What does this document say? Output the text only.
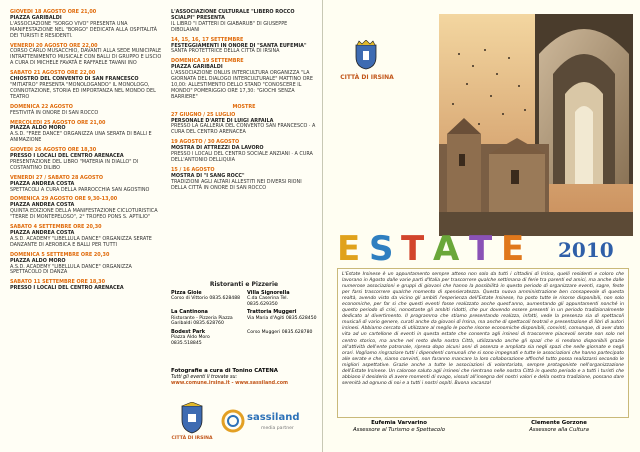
GIOVEDI 18 AGOSTO ORE 21,00
PIAZZA GARIBALDI
L'ASSOCIAZIONE "SORGO VIVO" PRESENTA UNA MANIFESTAZIONE NEL "BORGO" DEDICATA ALLA OSPITALITÀ DEI TURISTI E RESIDENTI.
VENERDI 20 AGOSTO ORE 22,00
CORSO CARLO MUSACCHIO, DAVANTI ALLA SEDE MUNICIPALE INTRATTENIMENTO MUSICALE CON BALLI DI GRUPPO E LISCIO A CURA DI MICHELE FAVATÀ E RAFFAELE TAVANI INO
SABATO 21 AGOSTO ORE 22,00
CHIOSTRO DEL CONVENTO DI SAN FRANCESCO
"MITIATRO" PRESENTA "MONOLOGANDO" IL MONOLOGO, CONNOTAZIONE, STORIA ED IMPORTANZA NEL MONDO DEL TEATRO
DOMENICA 22 AGOSTO
FESTIVITÀ IN ONORE DI SAN ROCCO
MERCOLEDI 25 AGOSTO ORE 21,00
PIAZZA ALDO MORO
A.S.D. "FREE DANCE" ORGANIZZA UNA SERATA DI BALLI E ANIMAZIONE
GIOVEDI 26 AGOSTO ORE 18,30
PRESSO I LOCALI DEL CENTRO ARENACEA
PRESENTAZIONE DEL LIBRO "MATERIA IN DIALLO" DI COSTANTINO DILIBO
VENERDI 27 / SABATO 28 AGOSTO
PIAZZA ANDREA COSTA
SPETTACOLI A CURA DELLA PARROCCHIA SAN AGOSTINO
DOMENICA 29 AGOSTO ORE 9,30-13,00
PIAZZA ANDREA COSTA
QUINTA EDIZIONE DELLA MANIFESTAZIONE CICLOTURISTICA "TERRE DI MONTEPELOSO", 2° TROFEO PONS S. APTILIO"
SABATO 4 SETTEMBRE ORE 20,30
PIAZZA ANDREA COSTA
A.S.D. ACADEMY "LIBELLULA DANCE" ORGANIZZA SERATE DANZANTE DI AEROBICA E BALLI PER TUTTI
DOMENICA 5 SETTEMBRE ORE 20,30
PIAZZA ALDO MORO
A.S.D. ACADEMY "LIBELLULA DANCE" ORGANIZZA SPETTACOLO DI DANZA
SABATO 11 SETTEMBRE ORE 18,30
PRESSO I LOCALI DEL CENTRO ARENACEA
L'ASSOCIAZIONE CULTURALE "LIBERO ROCCO SCIALPI" PRESENTA
IL LIBRO "I DATTERI DI GIABARUB" DI GIUSEPPE DIBOLAIANI
14, 15, 16, 17 SETTEMBRE
FESTEGGIAMENTI IN ONORE DI "SANTA EUFEMIA"
SANTA PROTETTRICE DELLA CITTÀ DI IRSINA
DOMENICA 19 SETTEMBRE
PIAZZA GARIBALDI
L'ASSOCIAZIONE ONLUS INTERCULTURA ORGANIZZA "LA GIORNATA DEL DIALOGO INTERCULTURALE" MATTINO ORE 10,00: ALLESTIMENTO DELLO STAND "CONOSCERE IL MONDO" POMERIGGIO ORE 17,30: "GIOCHI SENZA BARRIERE"
MOSTRE
27 GIUGNO / 25 LUGLIO
PERSONALE D'ARTE DI LUIGI ARFAILA
PRESSO LA GALLERIA DEL CONVENTO SAN FRANCESCO · A CURA DEL CENTRO ARENACEA
19 AGOSTO / 30 AGOSTO
MOSTRA DI ATTREZZI DA LAVORO
PRESSO I LOCALI DEL CENTRO SOCIALE ANZIANI · A CURA DELL'ANTONIO DELLIQUIA
15 / 16 AGOSTO
MOSTRA DI "I SANG ROCC"
TRADIZIONI AGLI ALTARI ALLESTITI NEI DIVERSI RIONI DELLA CITTÀ IN ONORE DI SAN ROCCO
Ristoranti e Pizzerie
Pizza Gioie
Corso di Vittorio 0835.628488
Villa Signorella
C.da Caserina Tel. 0835.629350
La Cantinona
Ristorante - Pizzeria Piazza Garibaldi 0835.628760
Trattoria Muggeri
Via Maria d'Agiti 0835.628450
Bodest Park
Piazza Aldo Moro 0835.518845
Corso Muggeri 0835.628780
Fotografie a cura di Tonino CATENA
Tutti gli eventi li trovate su:
www.comune.irsina.it - www.sassiland.com
CITTÀ DI IRSINA
sassiland
media partner
CITTÀ DI IRSINA
E S T A T E 2010
L'Estate Irsinese è un appuntamento sempre atteso non solo da tutti i cittadini di Irsina, quelli residenti e coloro che lavorano in Agosto dalle varie parti d'Italia per trascorrere qualche settimana di ferie tra parenti ed amici, ma anche dalle numerose associazioni e gruppi di giovani che hanno la possibilità in questo periodo di organizzare eventi, sagre, feste per farsi trascorrere qualche momento di spensieratezza. Questa nuova amministrazione ben consapevole di questa realtà, avendo visto da vicino gli ambiti l'esperienza dell'Estate Irsinese, ha posto tutte le risorse disponibili, non solo economiche, per far si che questi eventi fosse realizzato anche quest'anno, aumentando gli appuntamenti nonché in questo periodo di crisi, nonostante gli ambiti ridotti, che pur dovendo essere presenti in un periodo tradizionalmente dedicato al divertimento. Il programma che stiamo presentando realizza, infatti, vede la presenza sia di spettacoli musicali di vario genere, curati anche da giovani di Irsina, ma anche di spettacoli teatrali e presentazione di libri di autori irsinesi. Abbiamo cercato di utilizzare al meglio le poche risorse economiche disponibili, convinti, comunque, di aver dato vita ad un cartellone di eventi in questa estate che consenta agli irsinesi di trascorrere piacevoli serate non solo nel centro storico, ma anche nel resto della nostra Città, utilizzando anche gli spazi che si rendono disponibili grazie all'attività dell'ente patronale, ripresa dopo alcuni anni di assenza e ampliata sia negli spazi che nelle giornate e negli orari. Vogliamo ringraziare tutti i dipendenti comunali che si sono impegnati e tutte le associazioni che hanno partecipato alle serate e che, siamo convinti, non faranno mancare la loro collaborazione affinché tutto possa realizzarsi secondo le migliori aspettative. Grazie anche a tutte le associazioni di volontariato, sempre protagoniste nell'organizzazione dell'Estate Irsinese. Un calorose saluto agli irsinesi che rientrano nelle nostra Città in questo periodo e a tutti i turisti che abbiano il desiderio di avere momenti di svago, vissuti all'insegna del nostri valori e della nostra tradizione, possano dare serenità ad ognuno di noi e a tutti i nostri ospiti. Buona vacanza!
Eufemia Varvarino
Assessore al Turismo e Spettacolo
Clemente Gorzone
Assessore alla Cultura
